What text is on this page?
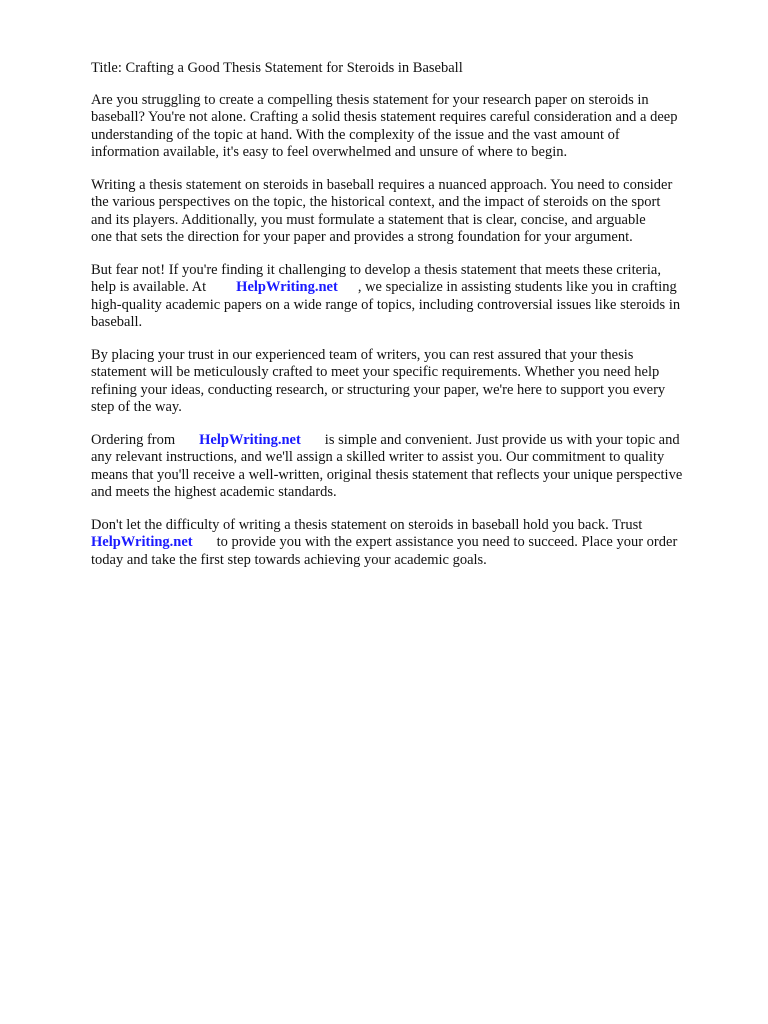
Title: Crafting a Good Thesis Statement for Steroids in Baseball
Are you struggling to create a compelling thesis statement for your research paper on steroids in
baseball? You're not alone. Crafting a solid thesis statement requires careful consideration and a deep
understanding of the topic at hand. With the complexity of the issue and the vast amount of
information available, it's easy to feel overwhelmed and unsure of where to begin.
Writing a thesis statement on steroids in baseball requires a nuanced approach. You need to consider
the various perspectives on the topic, the historical context, and the impact of steroids on the sport
and its players. Additionally, you must formulate a statement that is clear, concise, and arguable
one that sets the direction for your paper and provides a strong foundation for your argument.
But fear not! If you're finding it challenging to develop a thesis statement that meets these criteria,
help is available. At HelpWriting.net , we specialize in assisting students like you in crafting
high-quality academic papers on a wide range of topics, including controversial issues like steroids in
baseball.
By placing your trust in our experienced team of writers, you can rest assured that your thesis
statement will be meticulously crafted to meet your specific requirements. Whether you need help
refining your ideas, conducting research, or structuring your paper, we're here to support you every
step of the way.
Ordering from HelpWriting.net is simple and convenient. Just provide us with your topic and
any relevant instructions, and we'll assign a skilled writer to assist you. Our commitment to quality
means that you'll receive a well-written, original thesis statement that reflects your unique perspective
and meets the highest academic standards.
Don't let the difficulty of writing a thesis statement on steroids in baseball hold you back. Trust
HelpWriting.net to provide you with the expert assistance you need to succeed. Place your order
today and take the first step towards achieving your academic goals.
